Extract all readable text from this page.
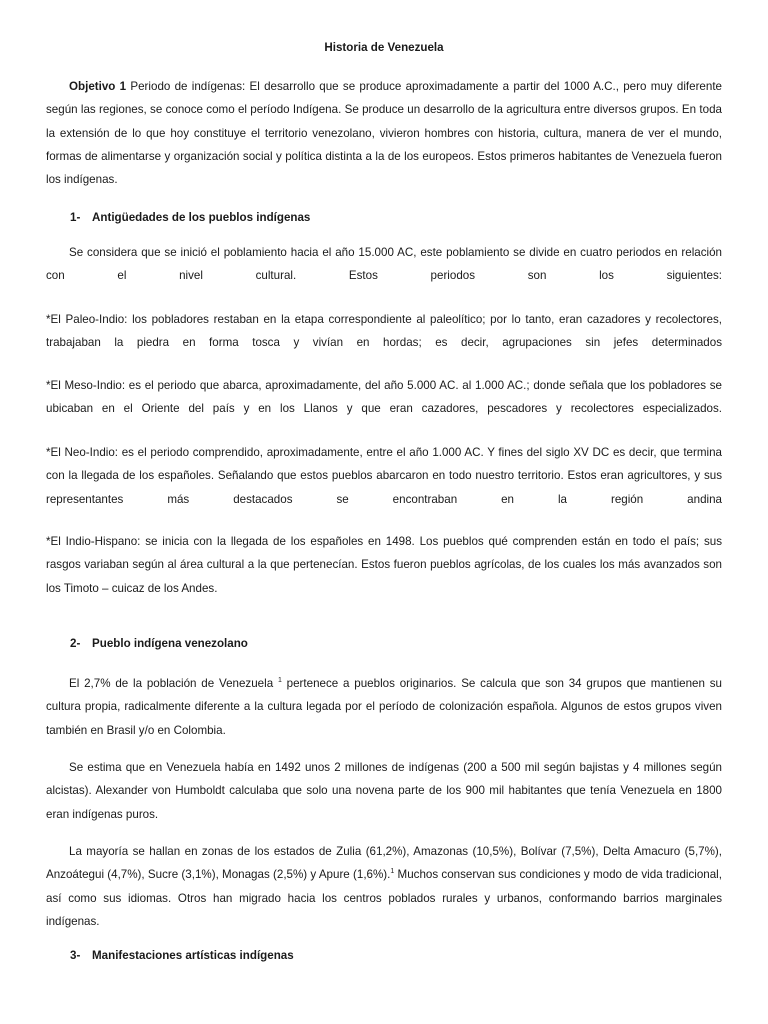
Historia de Venezuela

Objetivo 1 Periodo de indígenas: El desarrollo que se produce aproximadamente a partir del 1000 A.C., pero muy diferente según las regiones, se conoce como el período Indígena. Se produce un desarrollo de la agricultura entre diversos grupos. En toda la extensión de lo que hoy constituye el territorio venezolano, vivieron hombres con historia, cultura, manera de ver el mundo, formas de alimentarse y organización social y política distinta a la de los europeos. Estos primeros habitantes de Venezuela fueron los indígenas.

1- Antigüedades de los pueblos indígenas

Se considera que se inició el poblamiento hacia el año 15.000 AC, este poblamiento se divide en cuatro periodos en relación con el nivel cultural. Estos periodos son los siguientes:

*El Paleo-Indio: los pobladores restaban en la etapa correspondiente al paleolítico; por lo tanto, eran cazadores y recolectores, trabajaban la piedra en forma tosca y vivían en hordas; es decir, agrupaciones sin jefes determinados

*El Meso-Indio: es el periodo que abarca, aproximadamente, del año 5.000 AC. al 1.000 AC.; donde señala que los pobladores se ubicaban en el Oriente del país y en los Llanos y que eran cazadores, pescadores y recolectores especializados.

*El Neo-Indio: es el periodo comprendido, aproximadamente, entre el año 1.000 AC. Y fines del siglo XV DC es decir, que termina con la llegada de los españoles. Señalando que estos pueblos abarcaron en todo nuestro territorio. Estos eran agricultores, y sus representantes más destacados se encontraban en la región andina

*El Indio-Hispano: se inicia con la llegada de los españoles en 1498. Los pueblos qué comprenden están en todo el país; sus rasgos variaban según al área cultural a la que pertenecían. Estos fueron pueblos agrícolas, de los cuales los más avanzados son los Timoto – cuicaz de los Andes.

2- Pueblo indígena venezolano

El 2,7% de la población de Venezuela $^1$ pertenece a pueblos originarios. Se calcula que son 34 grupos que mantienen su cultura propia, radicalmente diferente a la cultura legada por el período de colonización española. Algunos de estos grupos viven también en Brasil y/o en Colombia.

Se estima que en Venezuela había en 1492 unos 2 millones de indígenas (200 a 500 mil según bajistas y 4 millones según alcistas). Alexander von Humboldt calculaba que solo una novena parte de los 900 mil habitantes que tenía Venezuela en 1800 eran indígenas puros.

La mayoría se hallan en zonas de los estados de Zulia (61,2%), Amazonas (10,5%), Bolívar (7,5%), Delta Amacuro (5,7%), Anzoátegui (4,7%), Sucre (3,1%), Monagas (2,5%) y Apure (1,6%).$^1$ Muchos conservan sus condiciones y modo de vida tradicional, así como sus idiomas. Otros han migrado hacia los centros poblados rurales y urbanos, conformando barrios marginales indígenas.

3- Manifestaciones artísticas indígenas
